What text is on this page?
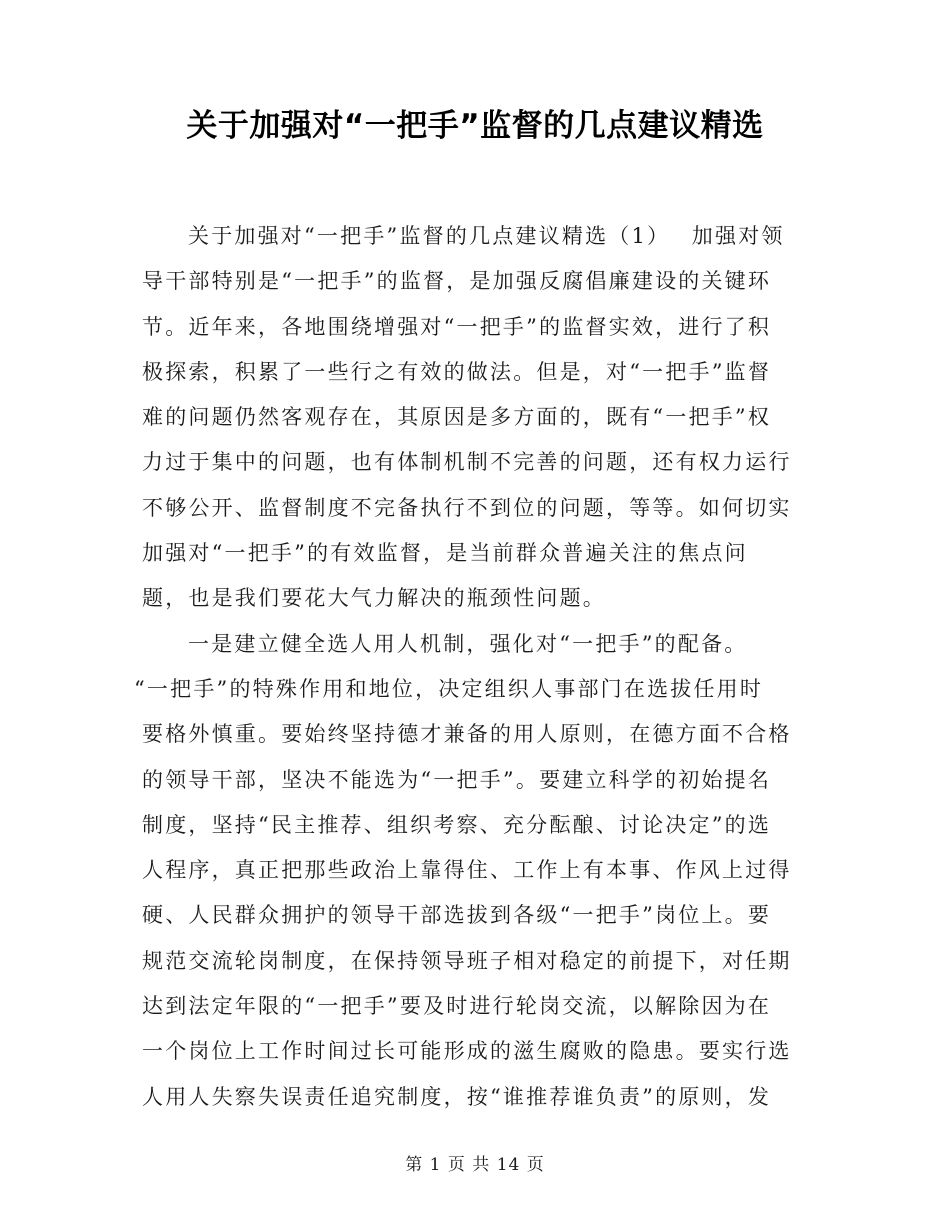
关于加强对“一把手”监督的几点建议精选
关于加强对“一把手”监督的几点建议精选（1）　 加强对领
导干部特别是“一把手”的监督，是加强反腐倡廉建设的关键环
节。近年来，各地围绕增强对“一把手”的监督实效，进行了积
极探索，积累了一些行之有效的做法。但是，对“一把手”监督
难的问题仍然客观存在，其原因是多方面的，既有“一把手”权
力过于集中的问题，也有体制机制不完善的问题，还有权力运行
不够公开、监督制度不完备执行不到位的问题，等等。如何切实
加强对“一把手”的有效监督，是当前群众普遍关注的焦点问
题，也是我们要花大气力解决的瓶颈性问题。
一是建立健全选人用人机制，强化对“一把手”的配备。
“一把手”的特殊作用和地位，决定组织人事部门在选拔任用时
要格外慎重。要始终坚持德才兼备的用人原则，在德方面不合格
的领导干部，坚决不能选为“一把手”。要建立科学的初始提名
制度，坚持“民主推荐、组织考察、充分酝酿、讨论决定”的选
人程序，真正把那些政治上靠得住、工作上有本事、作风上过得
硬、人民群众拥护的领导干部选拔到各级“一把手”岗位上。要
规范交流轮岗制度，在保持领导班子相对稳定的前提下，对任期
达到法定年限的“一把手”要及时进行轮岗交流，以解除因为在
一个岗位上工作时间过长可能形成的滋生腐败的隐患。要实行选
人用人失察失误责任追究制度，按“谁推荐谁负责”的原则，发
第 1 页 共 14 页
